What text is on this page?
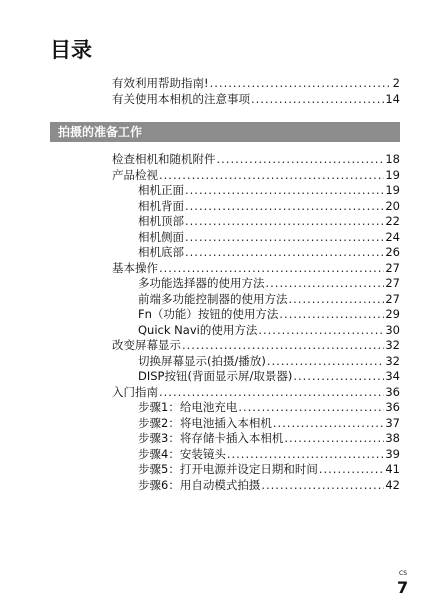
目录
有效利用帮助指南! .....	2
有关使用本相机的注意事项 .....	14
拍摄的准备工作
检查相机和随机附件 .....	18
产品检视 .....	19
相机正面 .....	19
相机背面 .....	20
相机顶部 .....	22
相机侧面 .....	24
相机底部 .....	26
基本操作 .....	27
多功能选择器的使用方法 .....	27
前端多功能控制器的使用方法 .....	27
Fn（功能）按钮的使用方法 .....	29
Quick Navi的使用方法 .....	30
改变屏幕显示 .....	32
切换屏幕显示(拍摄/播放) .....	32
DISP按钮(背面显示屏/取景器) .....	34
入门指南 .....	36
步骤1：给电池充电 .....	36
步骤2：将电池插入本相机 .....	37
步骤3：将存储卡插入本相机 .....	38
步骤4：安装镜头 .....	39
步骤5：打开电源并设定日期和时间 .....	41
步骤6：用自动模式拍摄 .....	42
CS
7
